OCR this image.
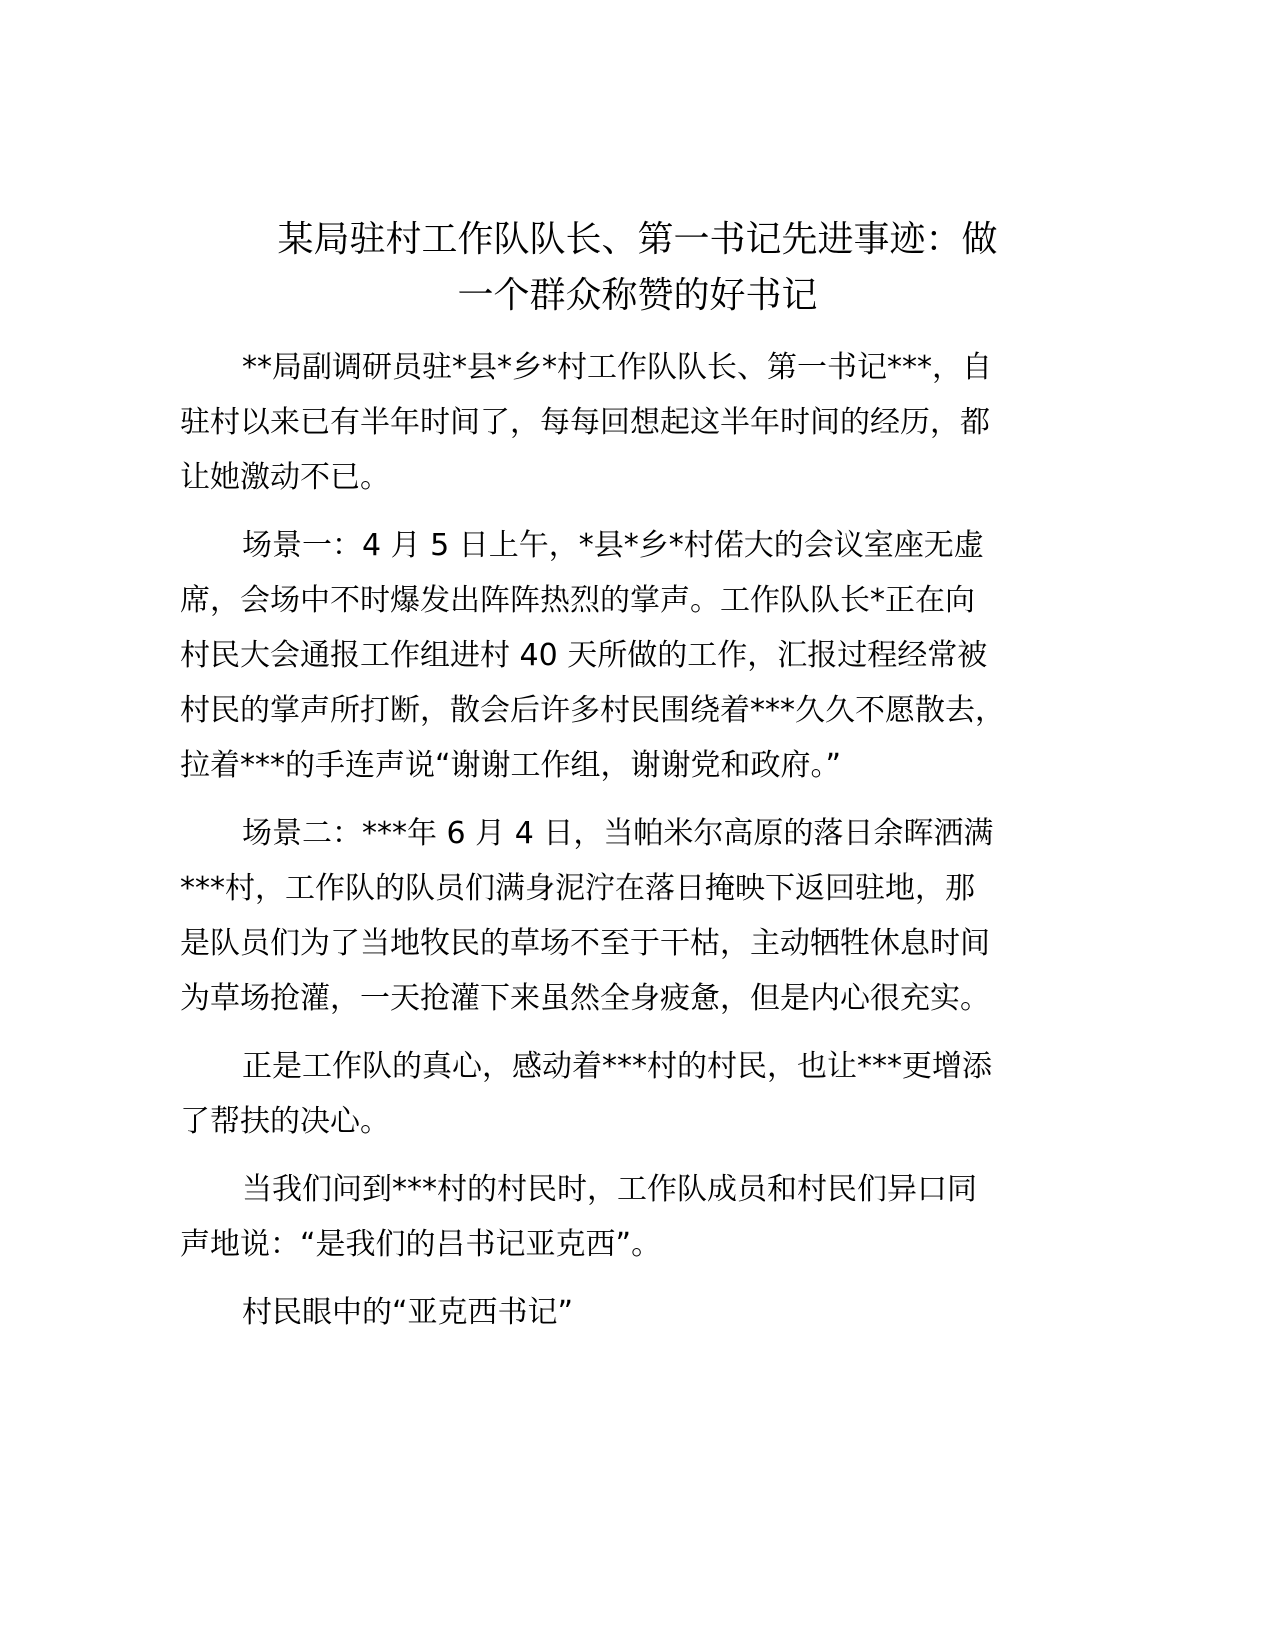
某局驻村工作队队长、第一书记先进事迹：做
一个群众称赞的好书记
**局副调研员驻*县*乡*村工作队队长、第一书记***，自
驻村以来已有半年时间了，每每回想起这半年时间的经历，都
让她激动不已。
场景一：4 月 5 日上午，*县*乡*村偌大的会议室座无虚
席，会场中不时爆发出阵阵热烈的掌声。工作队队长*正在向
村民大会通报工作组进村 40 天所做的工作，汇报过程经常被
村民的掌声所打断，散会后许多村民围绕着***久久不愿散去，
拉着***的手连声说“谢谢工作组，谢谢党和政府。”
场景二：***年 6 月 4 日，当帕米尔高原的落日余晖洒满
***村，工作队的队员们满身泥泞在落日掩映下返回驻地，那
是队员们为了当地牧民的草场不至于干枯，主动牺牲休息时间
为草场抢灌，一天抢灌下来虽然全身疲惫，但是内心很充实。
正是工作队的真心，感动着***村的村民，也让***更增添
了帮扶的决心。
当我们问到***村的村民时，工作队成员和村民们异口同
声地说：“是我们的吕书记亚克西”。
村民眼中的“亚克西书记”
